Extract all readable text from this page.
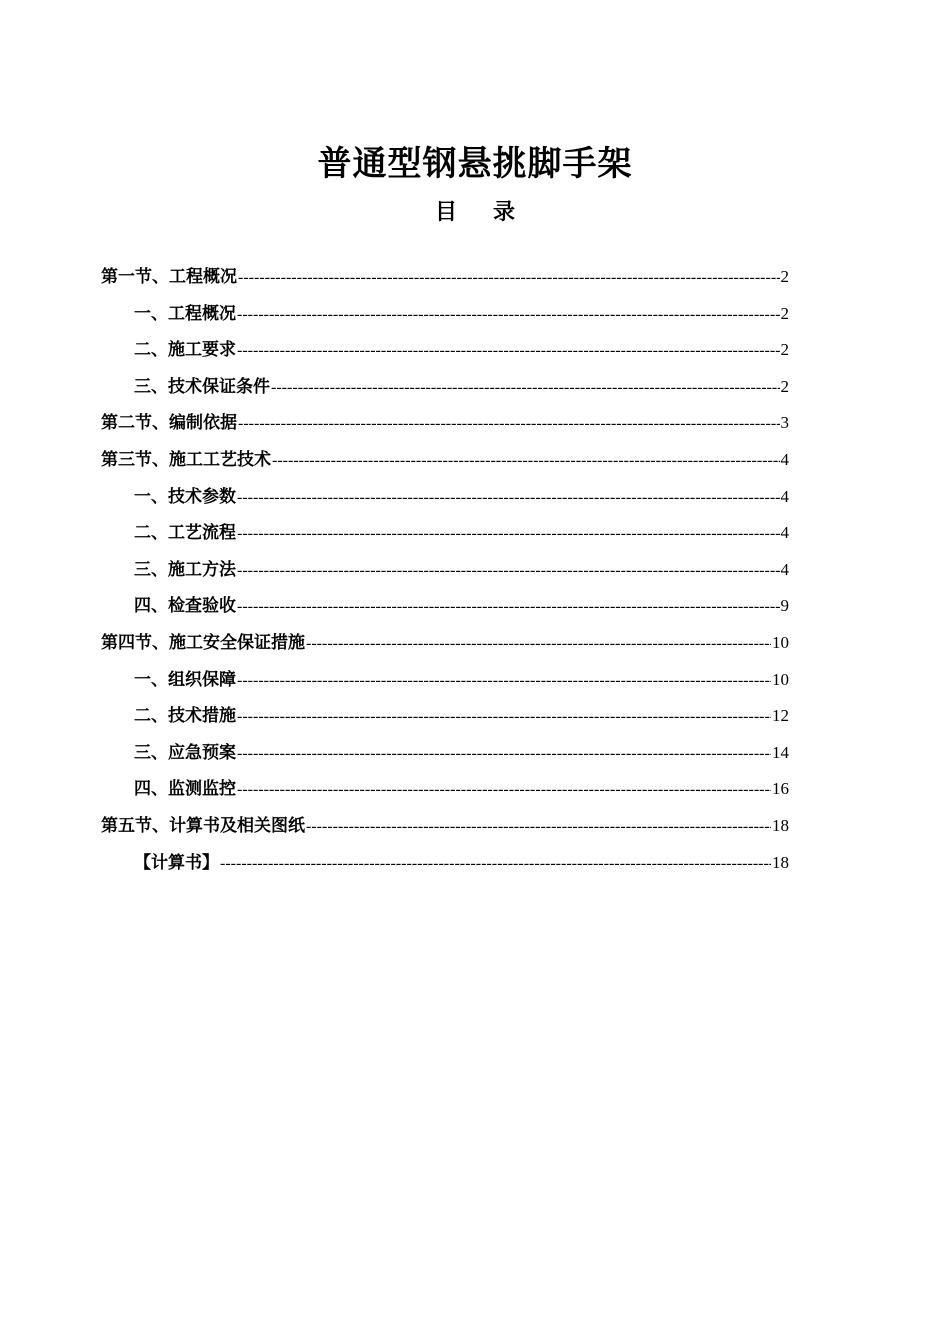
普通型钢悬挑脚手架
目 录
第一节、工程概况 -----	2
一、工程概况 -----	2
二、施工要求 -----	2
三、技术保证条件 -----	2
第二节、编制依据 -----	3
第三节、施工工艺技术 -----	4
一、技术参数 -----	4
二、工艺流程 -----	4
三、施工方法 -----	4
四、检查验收 -----	9
第四节、施工安全保证措施 -----	10
一、组织保障 -----	10
二、技术措施 -----	12
三、应急预案 -----	14
四、监测监控 -----	16
第五节、计算书及相关图纸 -----	18
【计算书】 -----	18
